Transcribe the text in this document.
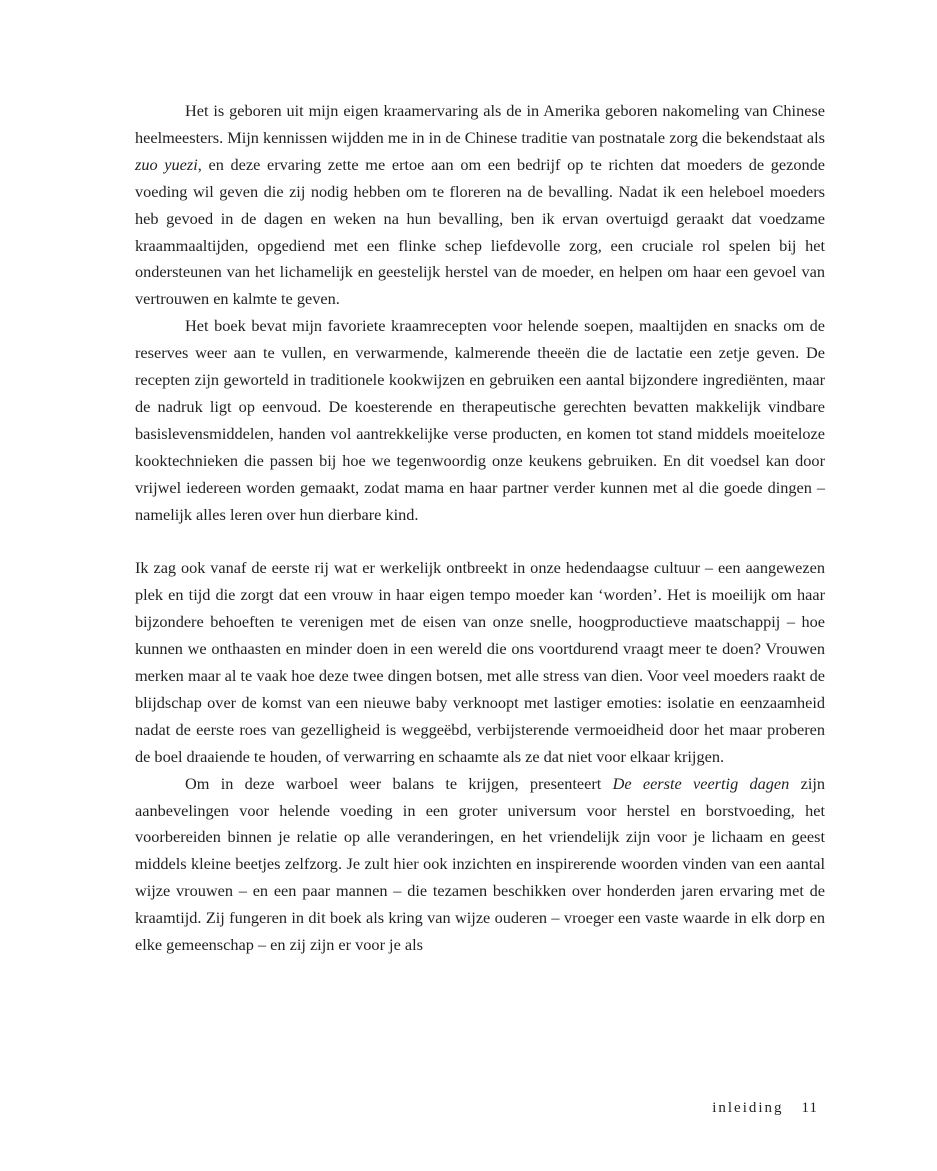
Het is geboren uit mijn eigen kraamervaring als de in Amerika geboren nakomeling van Chinese heelmeesters. Mijn kennissen wijdden me in in de Chinese traditie van postnatale zorg die bekendstaat als zuo yuezi, en deze ervaring zette me ertoe aan om een bedrijf op te richten dat moeders de gezonde voeding wil geven die zij nodig hebben om te floreren na de bevalling. Nadat ik een heleboel moeders heb gevoed in de dagen en weken na hun bevalling, ben ik ervan overtuigd geraakt dat voedzame kraammaaltijden, opgediend met een flinke schep liefdevolle zorg, een cruciale rol spelen bij het ondersteunen van het lichamelijk en geestelijk herstel van de moeder, en helpen om haar een gevoel van vertrouwen en kalmte te geven.

Het boek bevat mijn favoriete kraamrecepten voor helende soepen, maaltijden en snacks om de reserves weer aan te vullen, en verwarmende, kalmerende theeën die de lactatie een zetje geven. De recepten zijn geworteld in traditionele kookwijzen en gebruiken een aantal bijzondere ingrediënten, maar de nadruk ligt op eenvoud. De koesterende en therapeutische gerechten bevatten makkelijk vindbare basislevensmiddelen, handen vol aantrekkelijke verse producten, en komen tot stand middels moeiteloze kooktechnieken die passen bij hoe we tegenwoordig onze keukens gebruiken. En dit voedsel kan door vrijwel iedereen worden gemaakt, zodat mama en haar partner verder kunnen met al die goede dingen – namelijk alles leren over hun dierbare kind.

Ik zag ook vanaf de eerste rij wat er werkelijk ontbreekt in onze hedendaagse cultuur – een aangewezen plek en tijd die zorgt dat een vrouw in haar eigen tempo moeder kan ‘worden’. Het is moeilijk om haar bijzondere behoeften te verenigen met de eisen van onze snelle, hoogproductieve maatschappij – hoe kunnen we onthaasten en minder doen in een wereld die ons voortdurend vraagt meer te doen? Vrouwen merken maar al te vaak hoe deze twee dingen botsen, met alle stress van dien. Voor veel moeders raakt de blijdschap over de komst van een nieuwe baby verknoopt met lastiger emoties: isolatie en eenzaamheid nadat de eerste roes van gezelligheid is weggeëbd, verbijsterende vermoeidheid door het maar proberen de boel draaiende te houden, of verwarring en schaamte als ze dat niet voor elkaar krijgen.

Om in deze warboel weer balans te krijgen, presenteert De eerste veertig dagen zijn aanbevelingen voor helende voeding in een groter universum voor herstel en borstvoeding, het voorbereiden binnen je relatie op alle veranderingen, en het vriendelijk zijn voor je lichaam en geest middels kleine beetjes zelfzorg. Je zult hier ook inzichten en inspirerende woorden vinden van een aantal wijze vrouwen – en een paar mannen – die tezamen beschikken over honderden jaren ervaring met de kraamtijd. Zij fungeren in dit boek als kring van wijze ouderen – vroeger een vaste waarde in elk dorp en elke gemeenschap – en zij zijn er voor je als

inleiding 11
